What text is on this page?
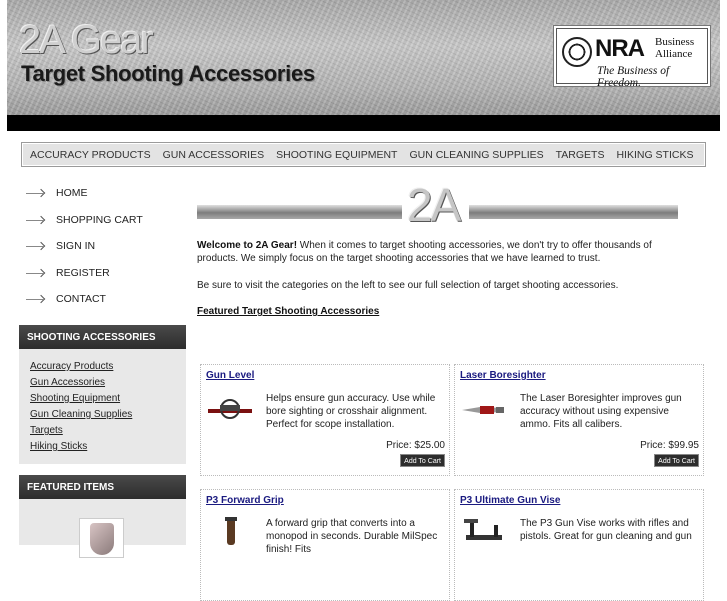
2A Gear
Target Shooting Accessories
NRA Business
Alliance
The Business of Freedom.
ACCURACY PRODUCTS	GUN ACCESSORIES	SHOOTING EQUIPMENT	GUN CLEANING SUPPLIES	TARGETS	HIKING STICKS
HOME
SHOPPING CART
SIGN IN
REGISTER
CONTACT
SHOOTING ACCESSORIES
Accuracy Products
Gun Accessories
Shooting Equipment
Gun Cleaning Supplies
Targets
Hiking Sticks
FEATURED ITEMS
2A
Welcome to 2A Gear! When it comes to target shooting accessories, we don't try to offer thousands of products. We simply focus on the target shooting accessories that we have learned to trust.
Be sure to visit the categories on the left to see our full selection of target shooting accessories.
Featured Target Shooting Accessories
Gun Level
Helps ensure gun accuracy. Use while bore sighting or crosshair alignment. Perfect for scope installation.
Price: $25.00
Add To Cart
Laser Boresighter
The Laser Boresighter improves gun accuracy without using expensive ammo. Fits all calibers.
Price: $99.95
Add To Cart
P3 Forward Grip
A forward grip that converts into a monopod in seconds. Durable MilSpec finish! Fits
P3 Ultimate Gun Vise
The P3 Gun Vise works with rifles and pistols. Great for gun cleaning and gun
